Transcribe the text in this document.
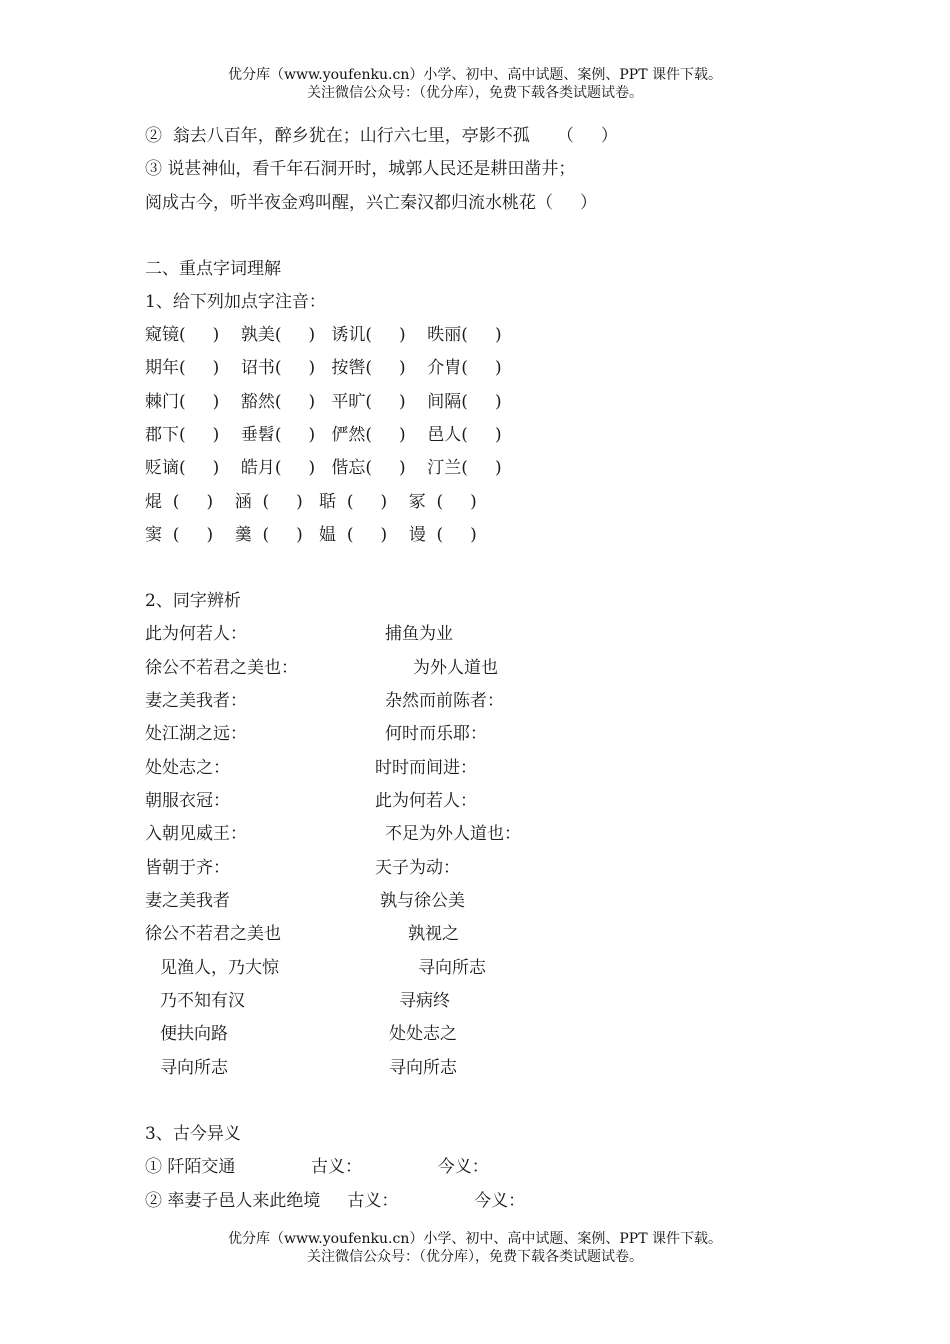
优分库（www.youfenku.cn）小学、初中、高中试题、案例、PPT 课件下载。
关注微信公众号：（优分库），免费下载各类试题试卷。
②  翁去八百年，醉乡犹在；山行六七里，亭影不孤     （     ）
③ 说甚神仙，看千年石洞开时，城郭人民还是耕田凿井；
阅成古今，听半夜金鸡叫醒，兴亡秦汉都归流水桃花（     ）
二、重点字词理解
1、给下列加点字注音：
窥镜(     )    孰美(     )   诱讥(     )    昳丽(     )
期年(     )    诏书(     )   按辔(     )    介胄(     )
棘门(     )    豁然(     )   平旷(     )    间隔(     )
郡下(     )    垂髫(     )   俨然(     )    邑人(     )
贬谪(     )    皓月(     )   偕忘(     )    汀兰(     )
焜  (     )    涵  (     )   聒  (     )    冢  (     )
窦  (     )    羹  (     )   媪  (     )    谩  (     )
2、同字辨析
此为何若人：	捕鱼为业
徐公不若君之美也：	为外人道也
妻之美我者：	杂然而前陈者：
处江湖之远：	何时而乐耶：
处处志之：	时时而间进：
朝服衣冠：	此为何若人：
入朝见威王：	不足为外人道也：
皆朝于齐：	天子为动：
妻之美我者	孰与徐公美
徐公不若君之美也	孰视之
见渔人，乃大惊	寻向所志
乃不知有汉	寻病终
便扶向路	处处志之
寻向所志	寻向所志
3、古今异义
① 阡陌交通              古义：              今义：
② 率妻子邑人来此绝境     古义：              今义：
优分库（www.youfenku.cn）小学、初中、高中试题、案例、PPT 课件下载。
关注微信公众号：（优分库），免费下载各类试题试卷。
